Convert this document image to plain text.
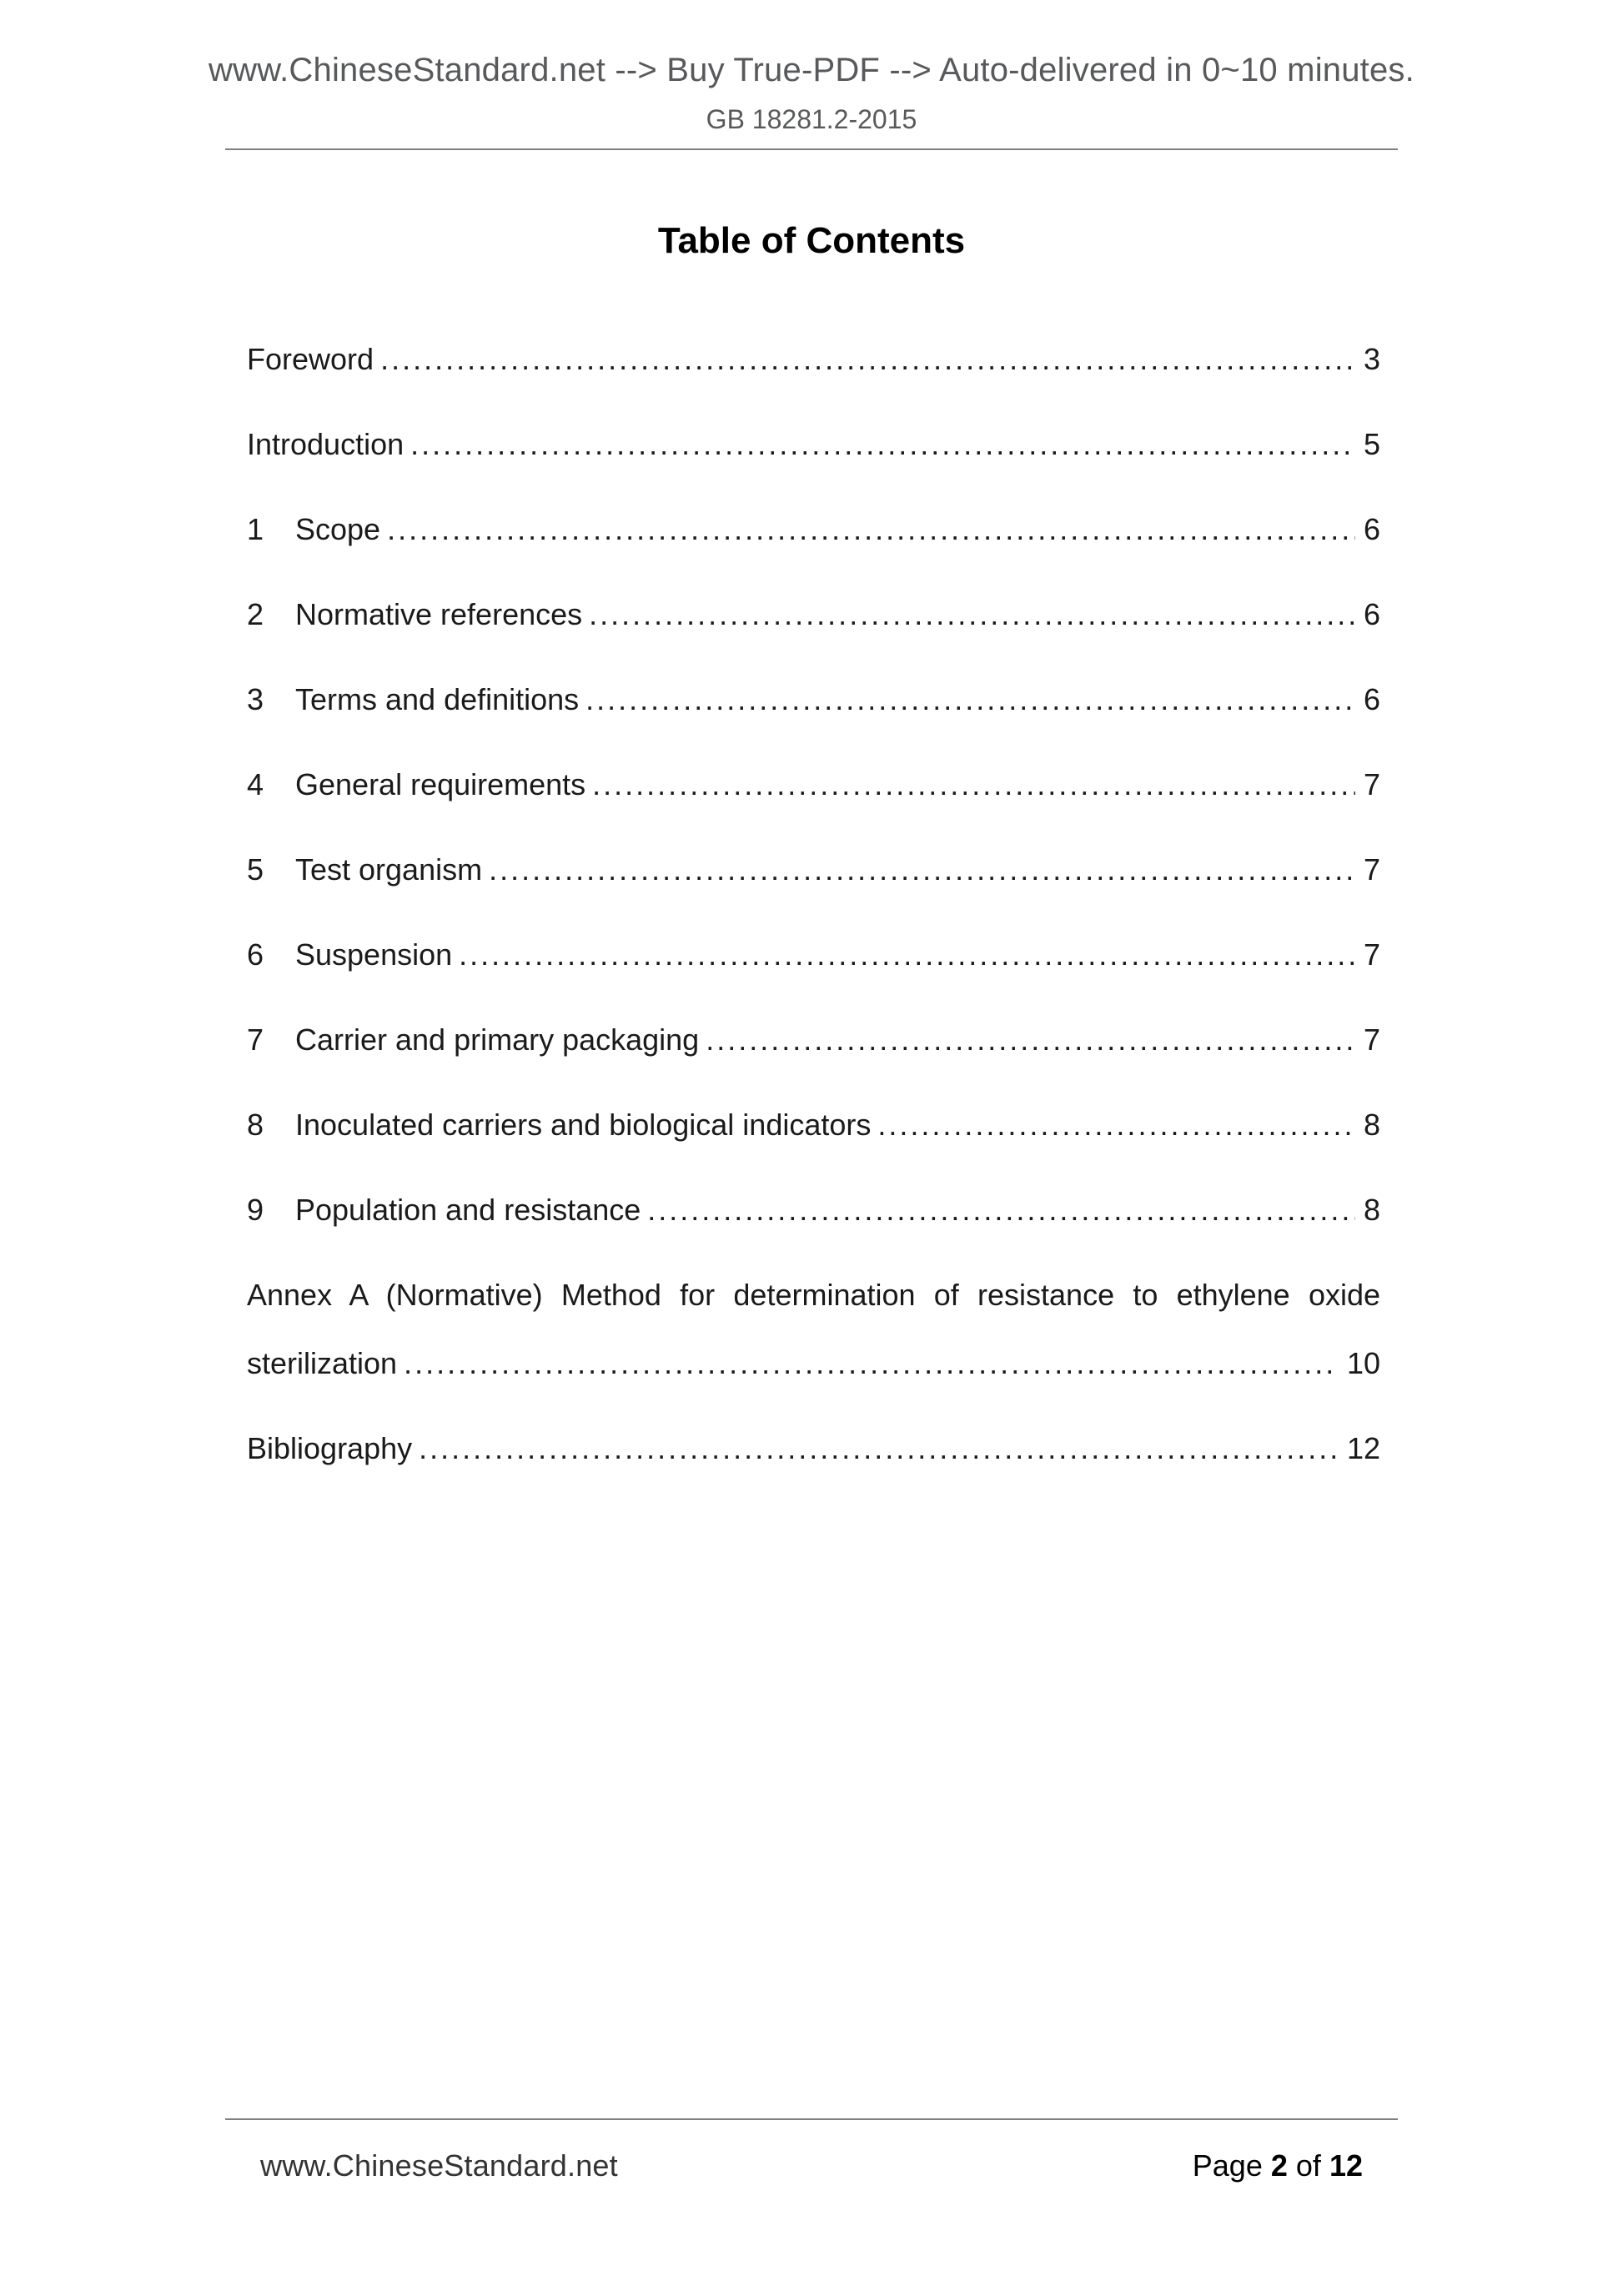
www.ChineseStandard.net --> Buy True-PDF --> Auto-delivered in 0~10 minutes.
GB 18281.2-2015
Table of Contents
Foreword .....	3
Introduction .....	5
1	Scope .....	6
2	Normative references .....	6
3	Terms and definitions .....	6
4	General requirements .....	7
5	Test organism .....	7
6	Suspension .....	7
7	Carrier and primary packaging .....	7
8	Inoculated carriers and biological indicators .....	8
9	Population and resistance .....	8
Annex A (Normative) Method for determination of resistance to ethylene oxide
sterilization .....	10
Bibliography .....	12
www.ChineseStandard.net	Page 2 of 12
